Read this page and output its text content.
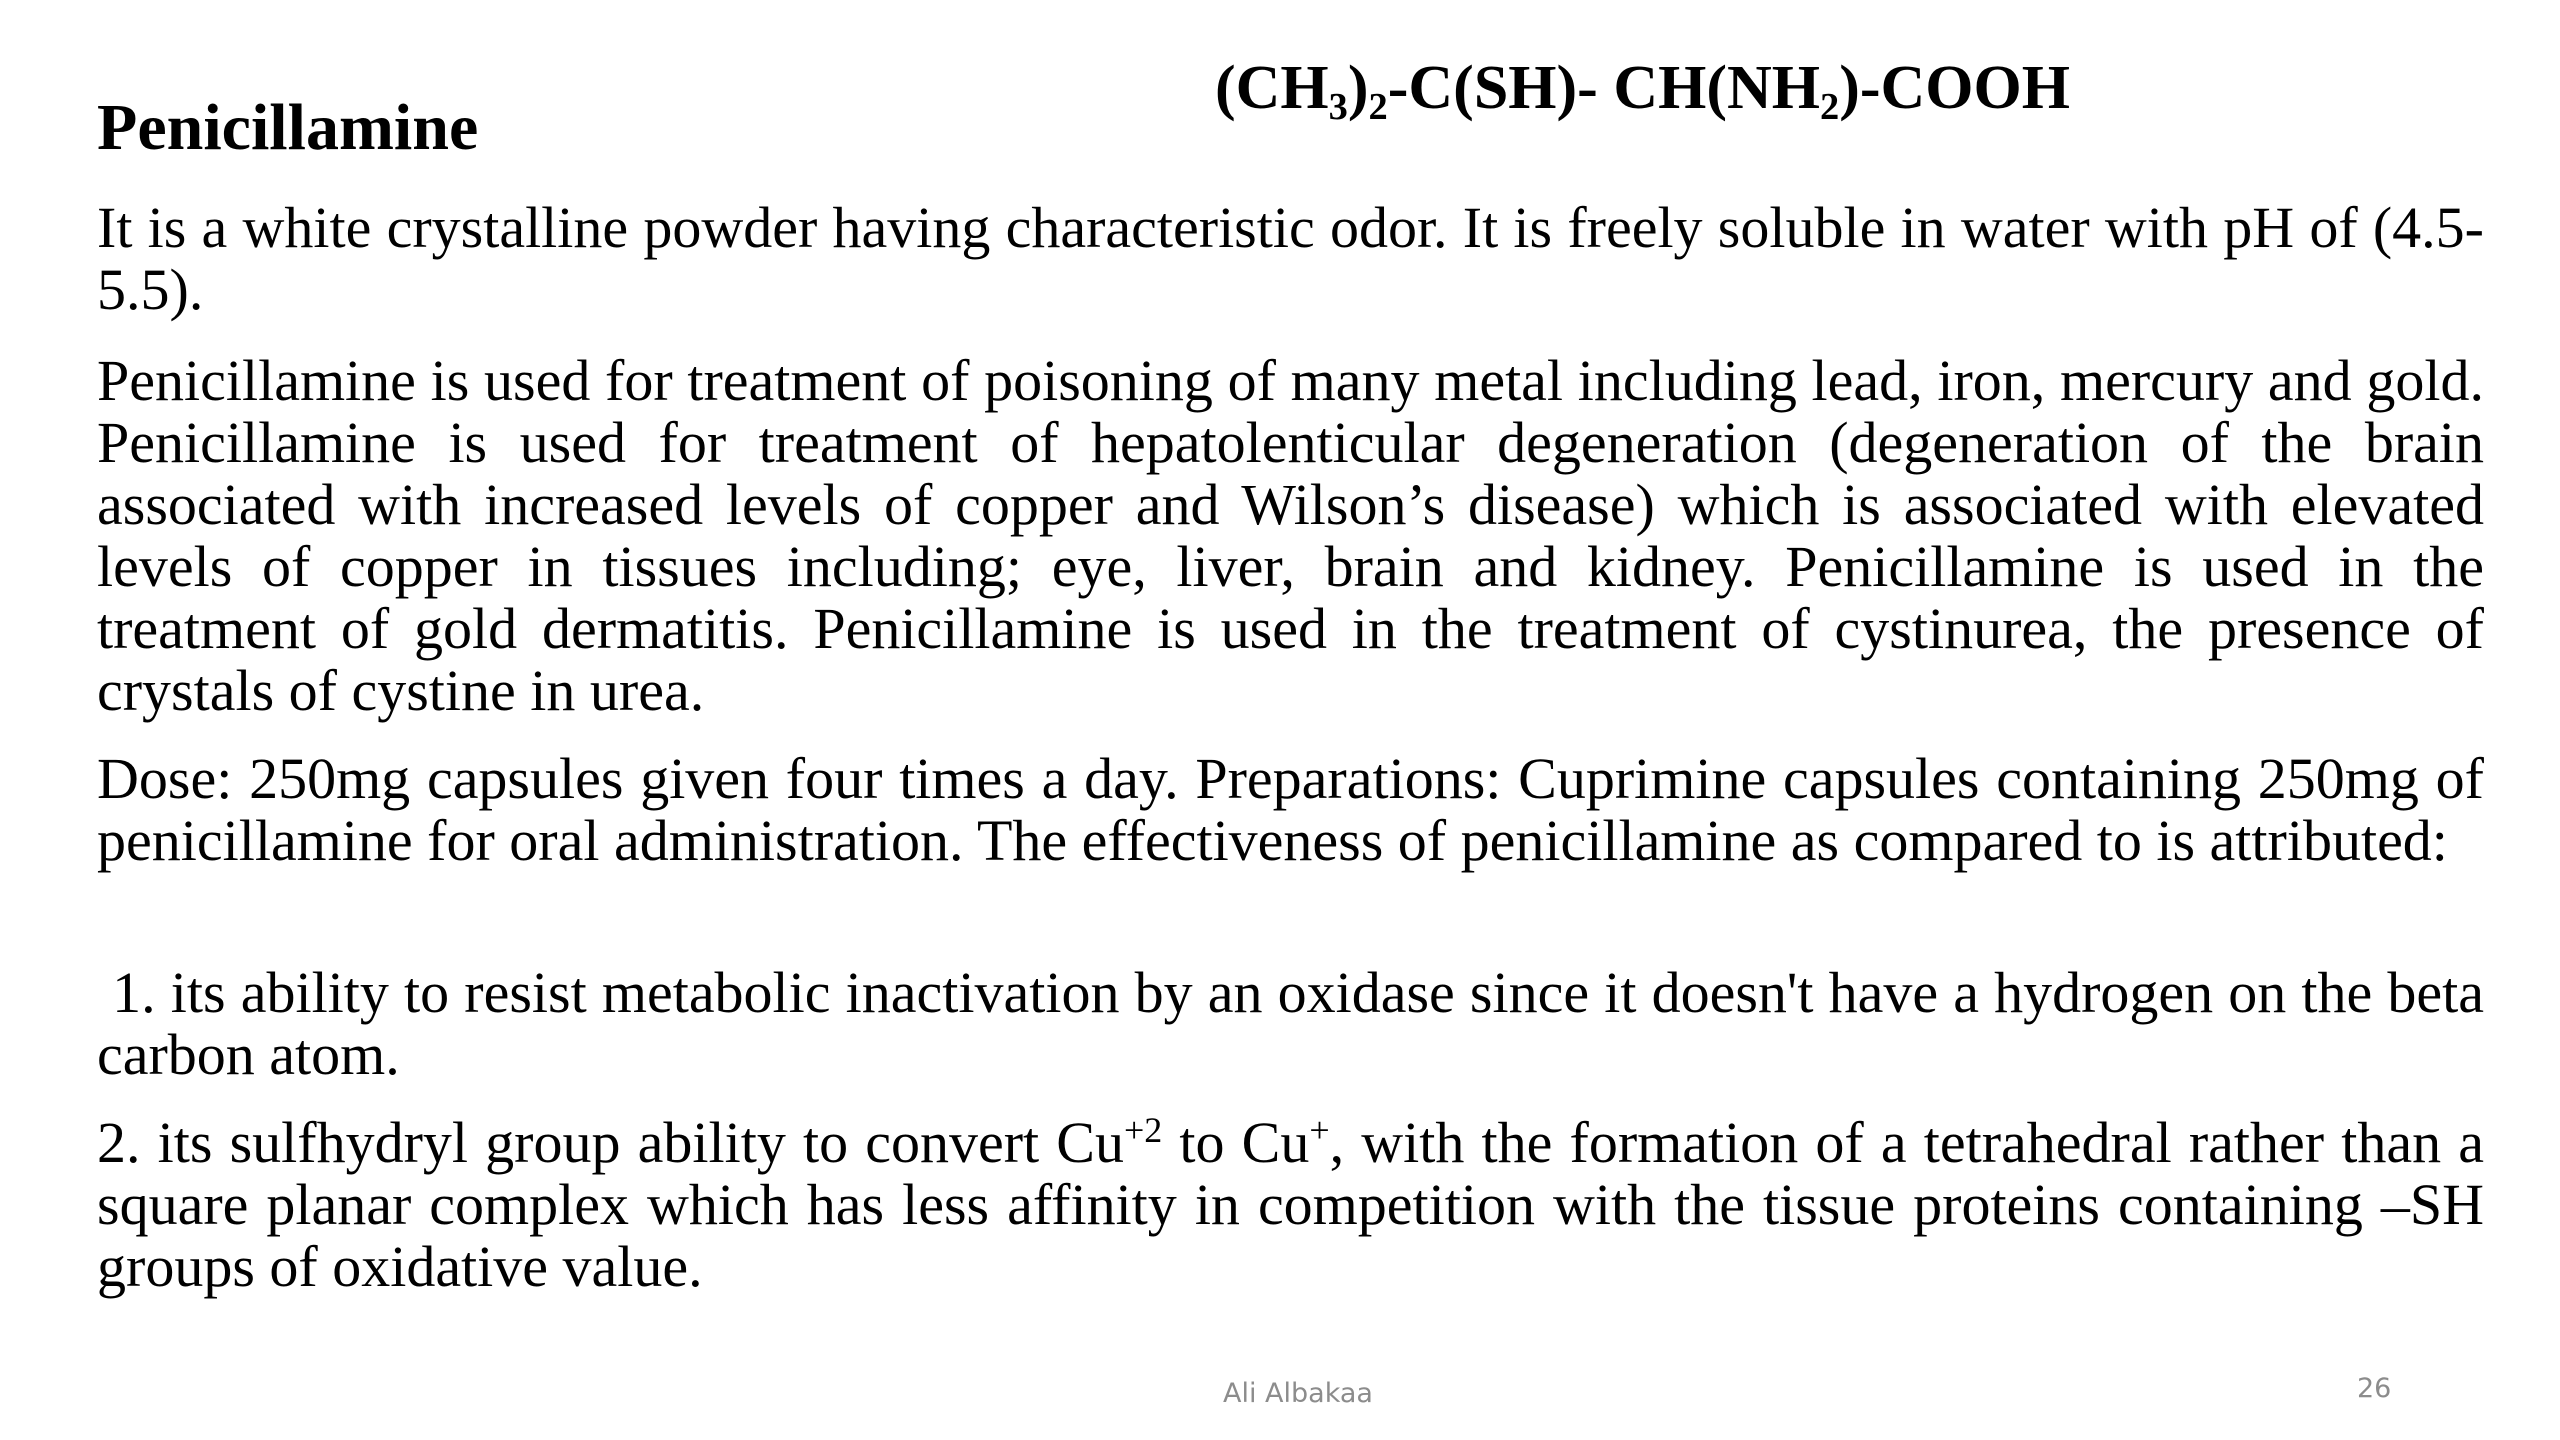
Penicillamine
$(CH_3)_2-C(SH)-$ $CH(NH_2)$-COOH

It is a white crystalline powder having characteristic odor. It is freely soluble in water with pH of (4.5-5.5).

Penicillamine is used for treatment of poisoning of many metal including lead, iron, mercury and gold. Penicillamine is used for treatment of hepatolenticular degeneration (degeneration of the brain associated with increased levels of copper and Wilson’s disease) which is associated with elevated levels of copper in tissues including; eye, liver, brain and kidney. Penicillamine is used in the treatment of gold dermatitis. Penicillamine is used in the treatment of cystinurea, the presence of crystals of cystine in urea.

Dose: 250mg capsules given four times a day. Preparations: Cuprimine capsules containing 250mg of penicillamine for oral administration. The effectiveness of penicillamine as compared to is attributed:

1. its ability to resist metabolic inactivation by an oxidase since it doesn't have a hydrogen on the beta carbon atom.

2. its sulfhydryl group ability to convert $Cu^{+2}$ to Cu+, with the formation of a tetrahedral rather than a square planar complex which has less affinity in competition with the tissue proteins containing –SH groups of oxidative value.

Ali Albakaa	26
